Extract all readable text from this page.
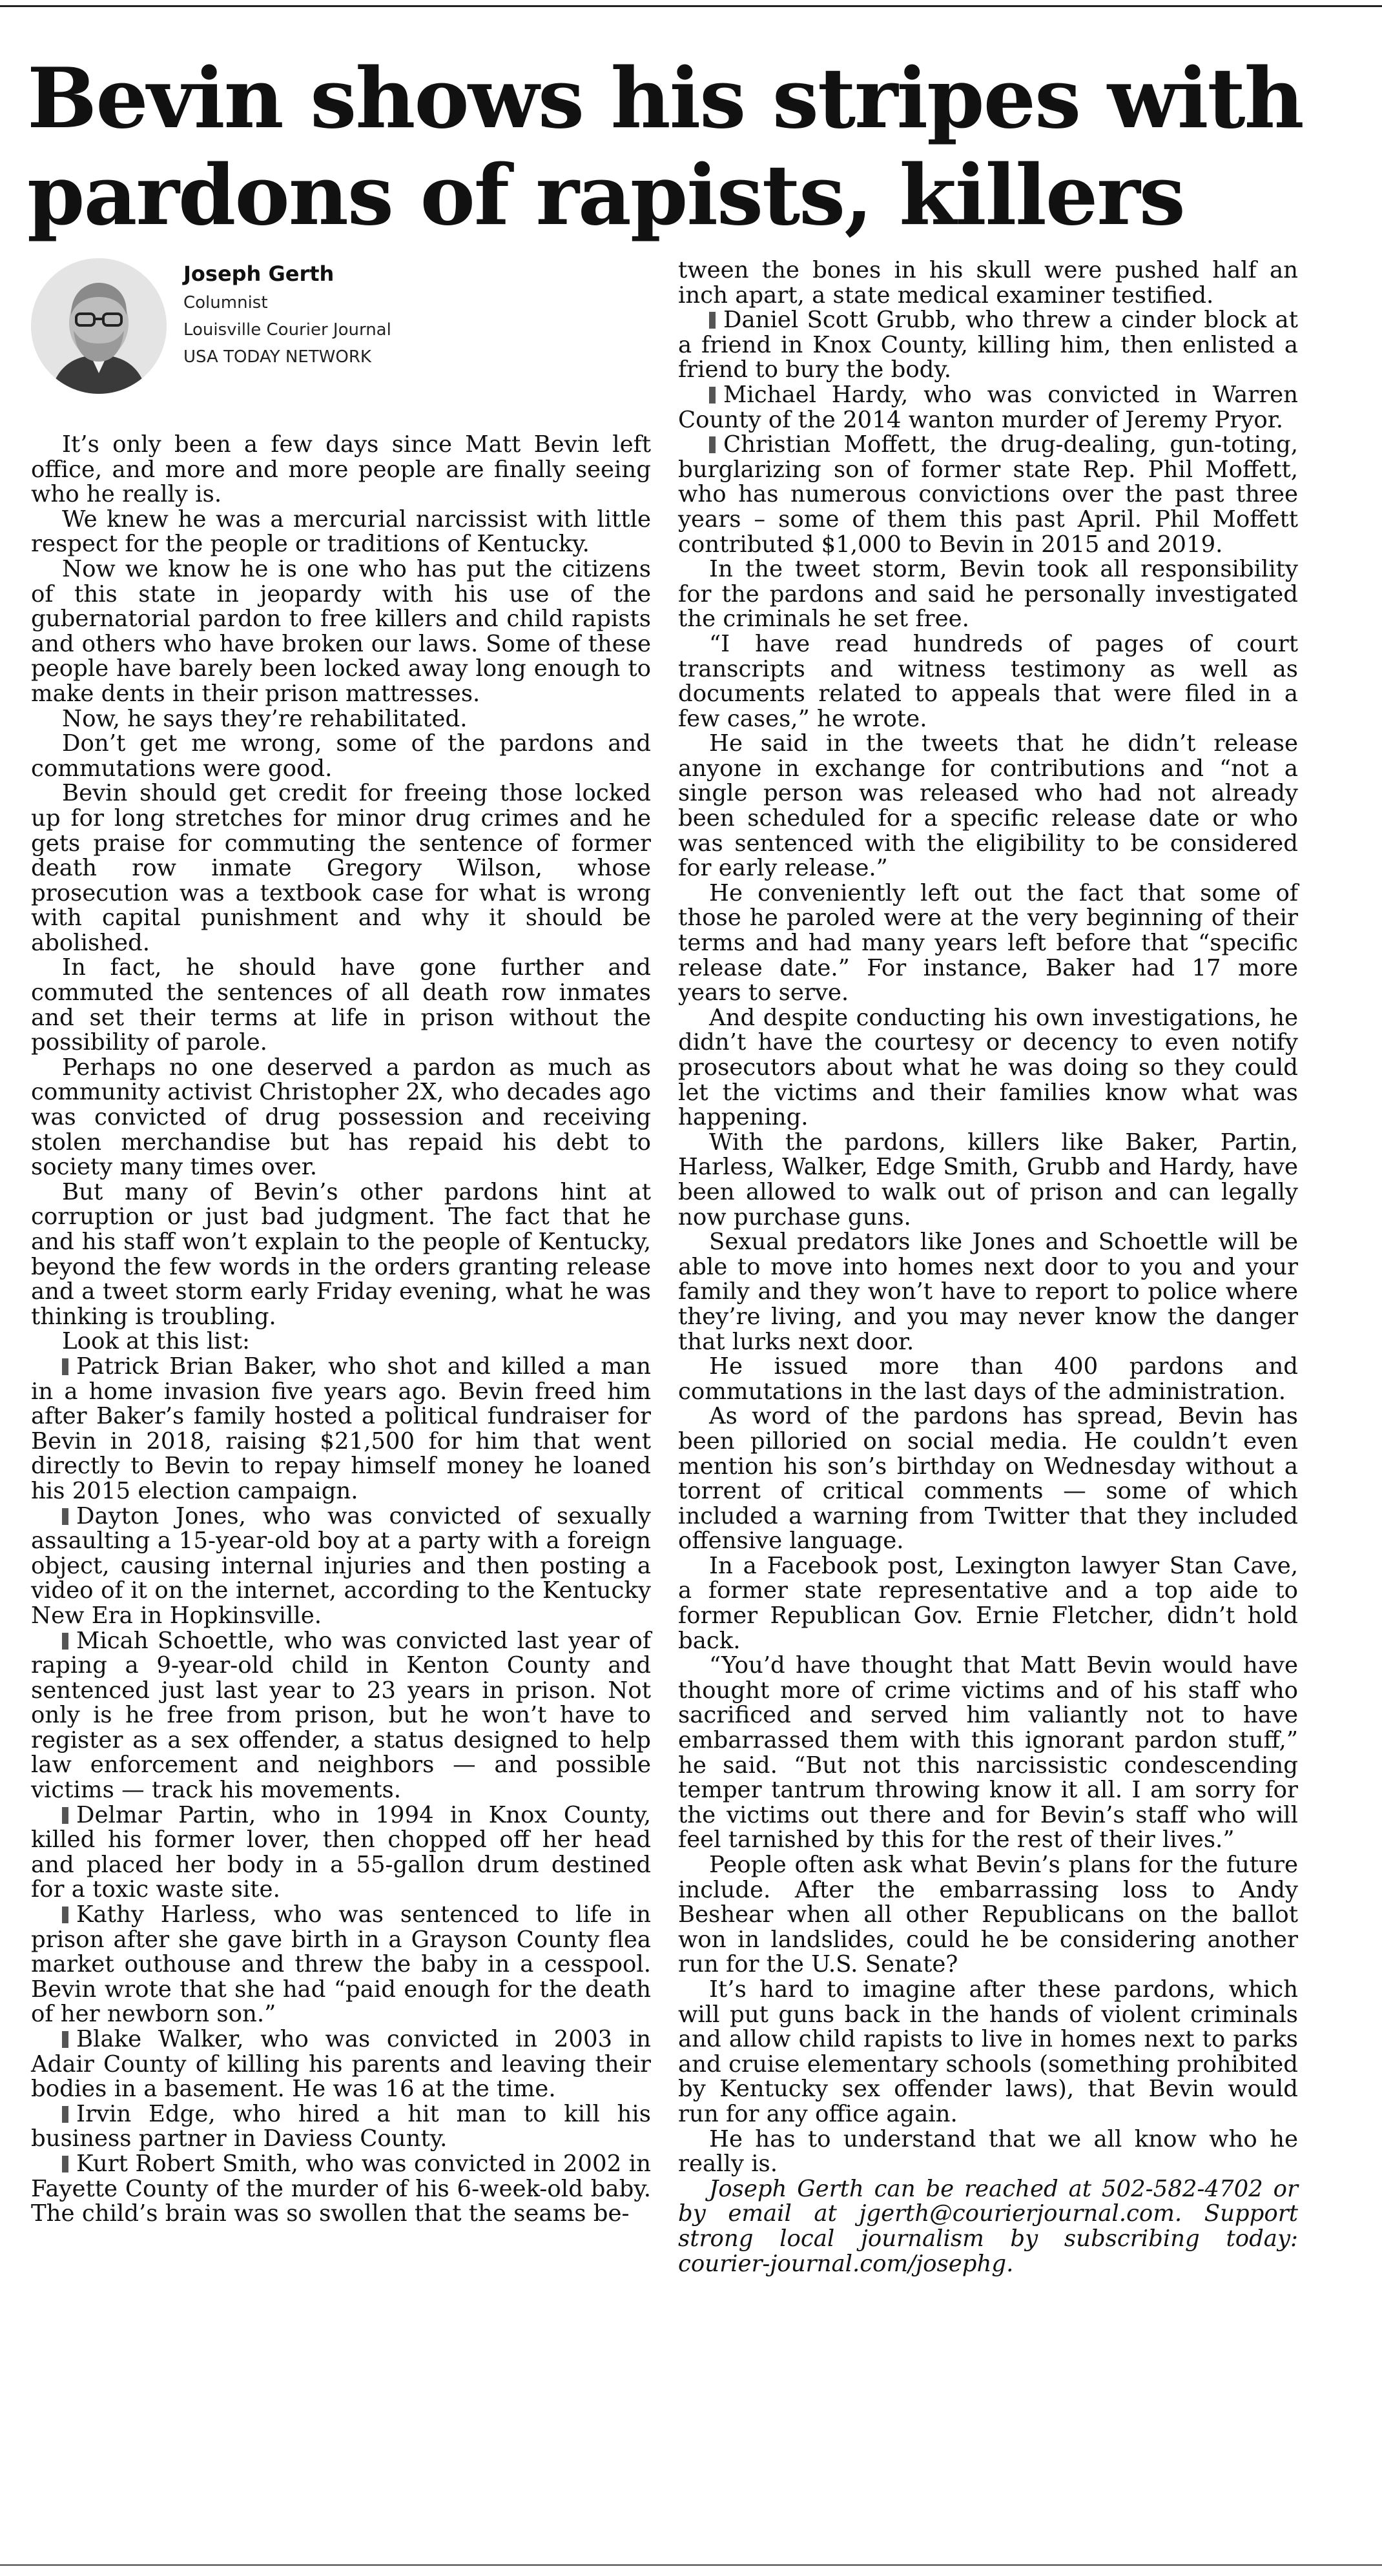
Bevin shows his stripes with
pardons of rapists, killers
Joseph Gerth
Columnist
Louisville Courier Journal
USA TODAY NETWORK

It’s only been a few days since Matt Bevin left office, and more and more people are finally seeing who he really is.

We knew he was a mercurial narcissist with little respect for the people or traditions of Kentucky.

Now we know he is one who has put the citizens of this state in jeopardy with his use of the gubernatorial pardon to free killers and child rapists and others who have broken our laws. Some of these people have barely been locked away long enough to make dents in their prison mattresses.

Now, he says they’re rehabilitated.

Don’t get me wrong, some of the pardons and commutations were good.

Bevin should get credit for freeing those locked up for long stretches for minor drug crimes and he gets praise for commuting the sentence of former death row inmate Gregory Wilson, whose prosecution was a textbook case for what is wrong with capital punishment and why it should be abolished.

In fact, he should have gone further and commuted the sentences of all death row inmates and set their terms at life in prison without the possibility of parole.

Perhaps no one deserved a pardon as much as community activist Christopher 2X, who decades ago was convicted of drug possession and receiving stolen merchandise but has repaid his debt to society many times over.

But many of Bevin’s other pardons hint at corruption or just bad judgment. The fact that he and his staff won’t explain to the people of Kentucky, beyond the few words in the orders granting release and a tweet storm early Friday evening, what he was thinking is troubling.

Look at this list:

Patrick Brian Baker, who shot and killed a man in a home invasion five years ago. Bevin freed him after Baker’s family hosted a political fundraiser for Bevin in 2018, raising $21,500 for him that went directly to Bevin to repay himself money he loaned his 2015 election campaign.

Dayton Jones, who was convicted of sexually assaulting a 15-year-old boy at a party with a foreign object, causing internal injuries and then posting a video of it on the internet, according to the Kentucky New Era in Hopkinsville.

Micah Schoettle, who was convicted last year of raping a 9-year-old child in Kenton County and sentenced just last year to 23 years in prison. Not only is he free from prison, but he won’t have to register as a sex offender, a status designed to help law enforcement and neighbors — and possible victims — track his movements.

Delmar Partin, who in 1994 in Knox County, killed his former lover, then chopped off her head and placed her body in a 55-gallon drum destined for a toxic waste site.

Kathy Harless, who was sentenced to life in prison after she gave birth in a Grayson County flea market outhouse and threw the baby in a cesspool. Bevin wrote that she had “paid enough for the death of her newborn son.”

Blake Walker, who was convicted in 2003 in Adair County of killing his parents and leaving their bodies in a basement. He was 16 at the time.

Irvin Edge, who hired a hit man to kill his business partner in Daviess County.

Kurt Robert Smith, who was convicted in 2002 in Fayette County of the murder of his 6-week-old baby. The child’s brain was so swollen that the seams be-

tween the bones in his skull were pushed half an inch apart, a state medical examiner testified.

Daniel Scott Grubb, who threw a cinder block at a friend in Knox County, killing him, then enlisted a friend to bury the body.

Michael Hardy, who was convicted in Warren County of the 2014 wanton murder of Jeremy Pryor.

Christian Moffett, the drug-dealing, gun-toting, burglarizing son of former state Rep. Phil Moffett, who has numerous convictions over the past three years – some of them this past April. Phil Moffett contributed $1,000 to Bevin in 2015 and 2019.

In the tweet storm, Bevin took all responsibility for the pardons and said he personally investigated the criminals he set free.

“I have read hundreds of pages of court transcripts and witness testimony as well as documents related to appeals that were filed in a few cases,” he wrote.

He said in the tweets that he didn’t release anyone in exchange for contributions and “not a single person was released who had not already been scheduled for a specific release date or who was sentenced with the eligibility to be considered for early release.”

He conveniently left out the fact that some of those he paroled were at the very beginning of their terms and had many years left before that “specific release date.” For instance, Baker had 17 more years to serve.

And despite conducting his own investigations, he didn’t have the courtesy or decency to even notify prosecutors about what he was doing so they could let the victims and their families know what was happening.

With the pardons, killers like Baker, Partin, Harless, Walker, Edge Smith, Grubb and Hardy, have been allowed to walk out of prison and can legally now purchase guns.

Sexual predators like Jones and Schoettle will be able to move into homes next door to you and your family and they won’t have to report to police where they’re living, and you may never know the danger that lurks next door.

He issued more than 400 pardons and commutations in the last days of the administration.

As word of the pardons has spread, Bevin has been pilloried on social media. He couldn’t even mention his son’s birthday on Wednesday without a torrent of critical comments — some of which included a warning from Twitter that they included offensive language.

In a Facebook post, Lexington lawyer Stan Cave, a former state representative and a top aide to former Republican Gov. Ernie Fletcher, didn’t hold back.

“You’d have thought that Matt Bevin would have thought more of crime victims and of his staff who sacrificed and served him valiantly not to have embarrassed them with this ignorant pardon stuff,” he said. “But not this narcissistic condescending temper tantrum throwing know it all. I am sorry for the victims out there and for Bevin’s staff who will feel tarnished by this for the rest of their lives.”

People often ask what Bevin’s plans for the future include. After the embarrassing loss to Andy Beshear when all other Republicans on the ballot won in landslides, could he be considering another run for the U.S. Senate?

It’s hard to imagine after these pardons, which will put guns back in the hands of violent criminals and allow child rapists to live in homes next to parks and cruise elementary schools (something prohibited by Kentucky sex offender laws), that Bevin would run for any office again.

He has to understand that we all know who he really is.

Joseph Gerth can be reached at 502-582-4702 or by email at jgerth@courierjournal.com. Support strong local journalism by subscribing today: courier-journal.com/josephg.
